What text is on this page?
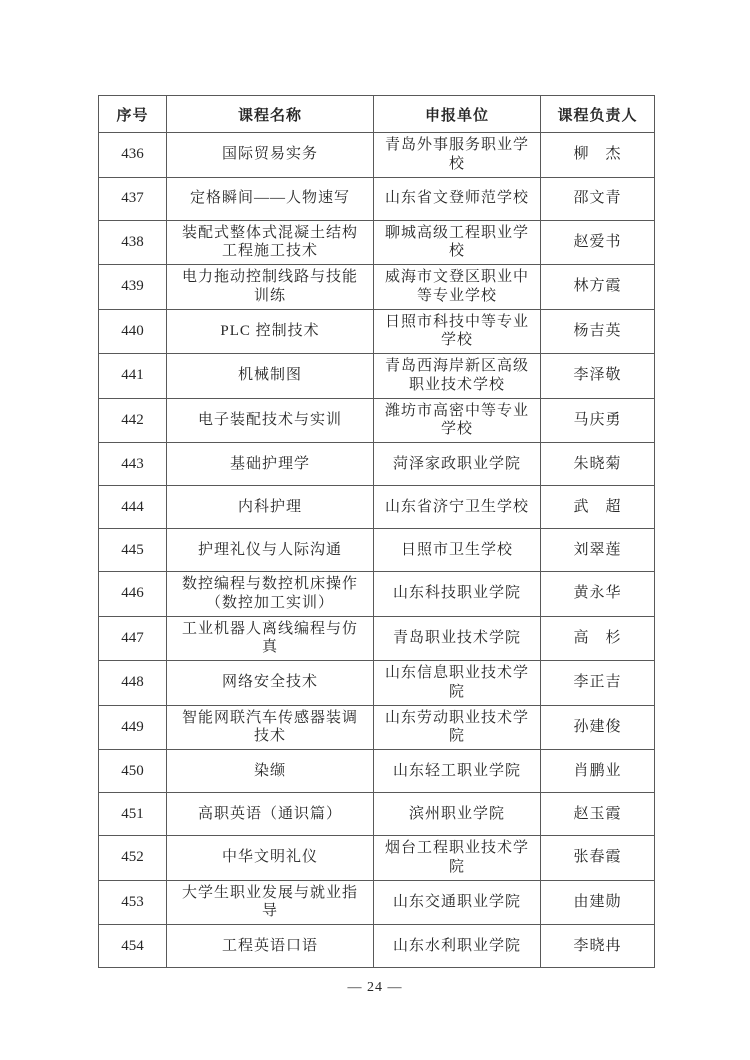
序号	课程名称	申报单位	课程负责人
436	国际贸易实务	青岛外事服务职业学校	柳　杰
437	定格瞬间——人物速写	山东省文登师范学校	邵文青
438	装配式整体式混凝土结构工程施工技术	聊城高级工程职业学校	赵爱书
439	电力拖动控制线路与技能训练	威海市文登区职业中等专业学校	林方霞
440	PLC 控制技术	日照市科技中等专业学校	杨吉英
441	机械制图	青岛西海岸新区高级职业技术学校	李泽敬
442	电子装配技术与实训	潍坊市高密中等专业学校	马庆勇
443	基础护理学	菏泽家政职业学院	朱晓菊
444	内科护理	山东省济宁卫生学校	武　超
445	护理礼仪与人际沟通	日照市卫生学校	刘翠莲
446	数控编程与数控机床操作（数控加工实训）	山东科技职业学院	黄永华
447	工业机器人离线编程与仿真	青岛职业技术学院	高　杉
448	网络安全技术	山东信息职业技术学院	李正吉
449	智能网联汽车传感器装调技术	山东劳动职业技术学院	孙建俊
450	染缬	山东轻工职业学院	肖鹏业
451	高职英语（通识篇）	滨州职业学院	赵玉霞
452	中华文明礼仪	烟台工程职业技术学院	张春霞
453	大学生职业发展与就业指导	山东交通职业学院	由建勋
454	工程英语口语	山东水利职业学院	李晓冉
— 24 —
